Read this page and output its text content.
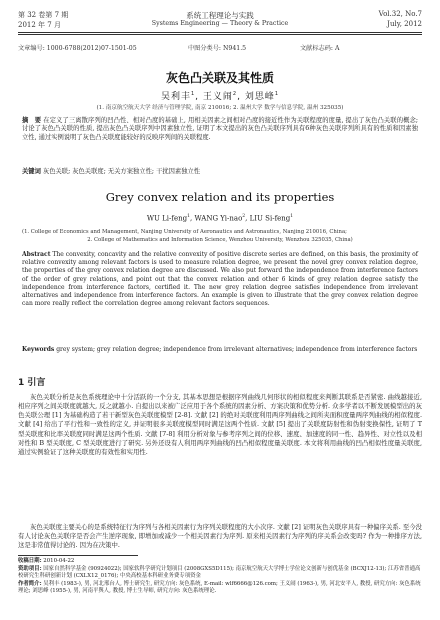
第 32 卷第 7 期
2012 年 7 月
系统工程理论与实践
Systems Engineering — Theory & Practice
Vol.32, No.7
July, 2012
文章编号: 1000-6788(2012)07-1501-05	中图分类号: N941.5	文献标志码: A
灰色凸关联及其性质
吴利丰$^1$, 王义闹$^2$, 刘思峰$^1$
(1. 南京航空航天大学 经济与管理学院, 南京 210016; 2. 温州大学 数学与信息学院, 温州 325035)

摘　要 在定义了三离散序列的凹凸性、相对凸度的基础上, 用相关因素之间相对凸度的接近性作为关联程度的度量, 提出了灰色凸关联的概念; 讨论了灰色凸关联的性质, 提出灰色凸关联序列中因素独立性, 证明了本文提出的灰色凸关联序列具有6种灰色关联序列所具有的性质和因素独立性, 通过实例说明了灰色凸关联度能较好的反映序列间的关联程度.

关键词 灰色关联; 灰色关联度; 无关方案独立性; 干扰因素独立性

Grey convex relation and its properties
WU Li-feng$^1$, WANG Yi-nao$^2$, LIU Si-feng$^1$
(1. College of Economics and Management, Nanjing University of Aeronautics and Astronautics, Nanjing 210016, China;
2. College of Mathematics and Information Science, Wenzhou University, Wenzhou 325035, China)

Abstract The convexity, concavity and the relative convexity of positive discrete series are defined, on this basis, the proximity of relative convexity among relevant factors is used to measure relation degree, we present the novel grey convex relation degree, the properties of the grey convex relation degree are discussed. We also put forward the independence from interference factors of the order of grey relations, and point out that the convex relation and other 6 kinds of grey relation degree satisfy the independence from interference factors, certified it. The new grey relation degree satisfies independence from irrelevant alternatives and independence from interference factors. An example is given to illustrate that the grey convex relation degree can more really reflect the correlation degree among relevant factors sequences.

Keywords grey system; grey relation degree; independence from irrelevant alternatives; independence from interference factors

1 引言

灰色关联分析是灰色系统理论中十分活跃的一个分支, 其基本思想是根据序列曲线几何形状的相似程度来判断其联系是否紧密. 曲线越接近, 相应序列之间关联度就越大, 反之就越小. 自提出以来被广泛应用于各个系统的因素分析、方案决策和优势分析. 众多学者以不断发展模型出的灰色关联公理 [1] 为基础构造了若干新型灰色关联度模型 [2-8]. 文献 [2] 的绝对关联度利用两序列曲线之间所夹面积度量两序列曲线的相似程度. 文献 [4] 给出了平行性和一致性的定义, 并证明很多关联度模型同时满足这两个性质. 文献 [5] 提出了关联度防射性和伪射变换保性, 证明了 T 型关联度和比率关联度同时满足这两个性质. 文献 [7-8] 利用分析对象与参考序列之间的位移、速度、加速度的同一性、趋异性、对立性以及相对性和 B 型关联度, C 型关联度进行了研究. 另外还设有人利用两序列曲线的凹凸相似程度量关联度. 本文将利用曲线的凹凸相似性度量关联度, 通过实例验证了这种关联度的有效性和实用性.

灰色关联度主要关心的是系统特征行为序列与各相关因素行为序列关联程度的大小次序. 文献 [2] 证明灰色关联序具有一种偏序关系. 至今没有人讨论灰色关联序是否会产生逆序现象, 即增加或减少一个相关因素行为序列. 原来相关因素行为序列的序关系会改变吗? 作为一种排序方法, 这是非常值得讨论的. 因为在决策中.

收稿日期: 2010-04-22
资助项目: 国家自然科学基金 (90924022); 国家软科学研究计划项目 (2008GXS5D115); 南京航空航天大学博士学位论文创新与创优基金 (BCXJ12-13); 江苏省普通高校研究生科研创新计划 (CXLX12_0176); 中央高校基本科研业务费专项资金
作者简介: 吴利丰 (1983-), 男, 河北邢台人, 博士研究生, 研究方向: 灰色系统, E-mail: wlf6666@126.com; 王义闹 (1963-), 男, 河北安平人, 教授, 研究方向: 灰色系统理论; 刘思峰 (1955-), 男, 河南平舆人, 教授, 博士生导师, 研究方向: 灰色系统理论.
